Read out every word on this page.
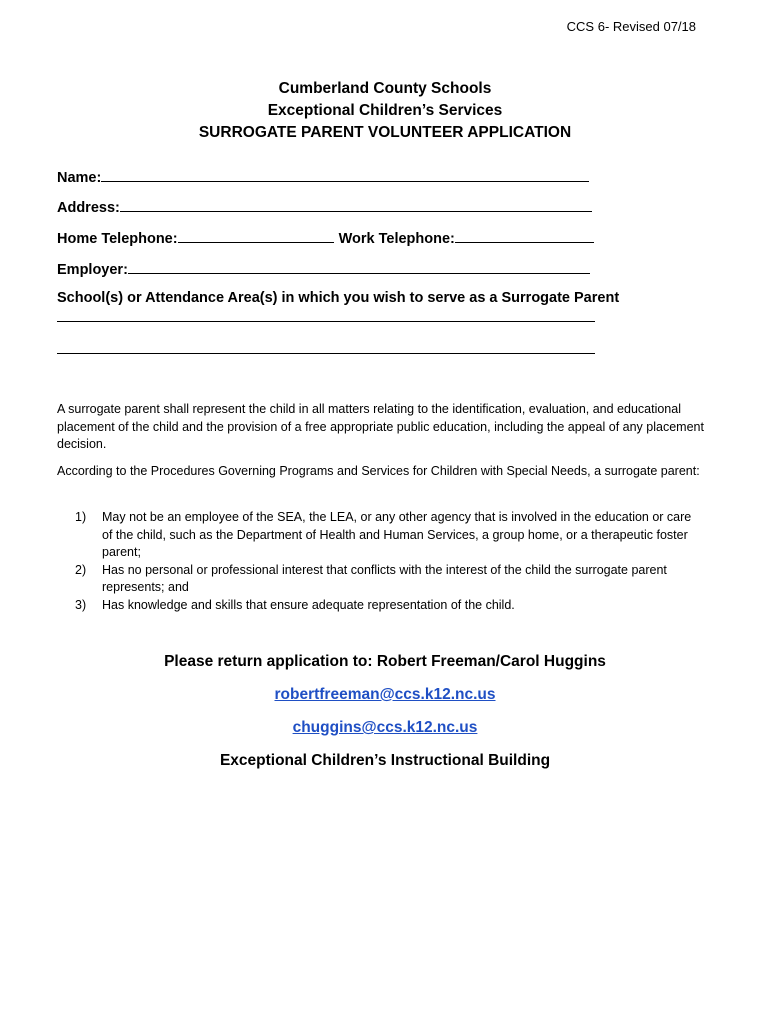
CCS 6- Revised 07/18
Cumberland County Schools
Exceptional Children’s Services
SURROGATE PARENT VOLUNTEER APPLICATION
Name:
Address:
Home Telephone:	Work Telephone:
Employer:
School(s) or Attendance Area(s) in which you wish to serve as a Surrogate Parent
A surrogate parent shall represent the child in all matters relating to the identification, evaluation, and educational placement of the child and the provision of a free appropriate public education, including the appeal of any placement decision.
According to the Procedures Governing Programs and Services for Children with Special Needs, a surrogate parent:
1) May not be an employee of the SEA, the LEA, or any other agency that is involved in the education or care of the child, such as the Department of Health and Human Services, a group home, or a therapeutic foster parent;
2) Has no personal or professional interest that conflicts with the interest of the child the surrogate parent represents; and
3) Has knowledge and skills that ensure adequate representation of the child.
Please return application to: Robert Freeman/Carol Huggins
robertfreeman@ccs.k12.nc.us
chuggins@ccs.k12.nc.us
Exceptional Children’s Instructional Building
